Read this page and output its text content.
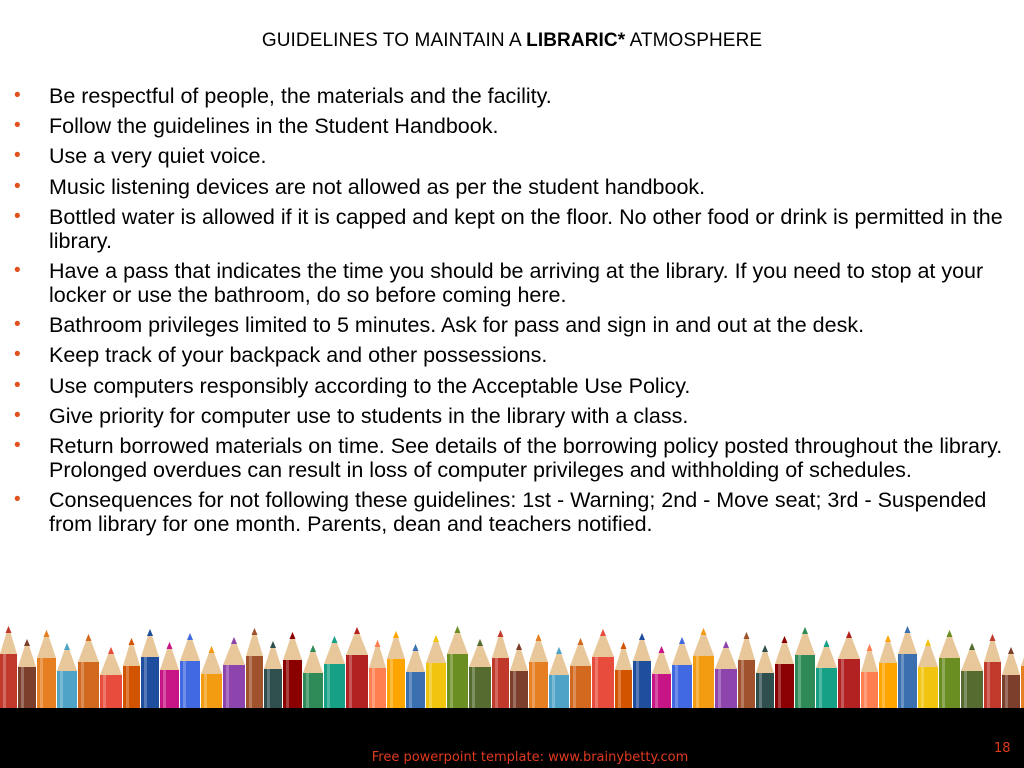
GUIDELINES TO MAINTAIN A LIBRARIC* ATMOSPHERE
• Be respectful of people, the materials and the facility.
• Follow the guidelines in the Student Handbook.
• Use a very quiet voice.
• Music listening devices are not allowed as per the student handbook.
• Bottled water is allowed if it is capped and kept on the floor. No other food or drink is permitted in the library.
• Have a pass that indicates the time you should be arriving at the library. If you need to stop at your locker or use the bathroom, do so before coming here.
• Bathroom privileges limited to 5 minutes. Ask for pass and sign in and out at the desk.
• Keep track of your backpack and other possessions.
• Use computers responsibly according to the Acceptable Use Policy.
• Give priority for computer use to students in the library with a class.
• Return borrowed materials on time. See details of the borrowing policy posted throughout the library. Prolonged overdues can result in loss of computer privileges and withholding of schedules.
• Consequences for not following these guidelines: 1st - Warning; 2nd - Move seat; 3rd - Suspended from library for one month. Parents, dean and teachers notified.
Free powerpoint template: www.brainybetty.com
18
